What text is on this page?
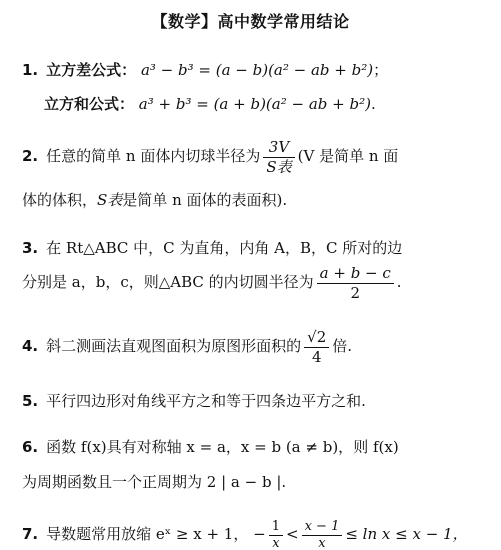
【数学】高中数学常用结论
1. 立方差公式： a³ − b³ = (a − b)(a² − ab + b²)；
立方和公式： a³ + b³ = (a + b)(a² − ab + b²).
2. 任意的简单 n 面体内切球半径为 $\frac{3V}{\text{S表}} (V$ 是简单 n 面
体的体积，S表是简单 n 面体的表面积).
3. 在 Rt△ABC 中，C 为直角，内角 A，B，C 所对的边
分别是 a，b，c，则△ABC 的内切圆半径为 $\frac{a + b - c}{2}$ .
4. 斜二测画法直观图面积为原图形面积的 $\frac{√2}{4}$ 倍.
5. 平行四边形对角线平方之和等于四条边平方之和.
6. 函数 f(x)具有对称轴 x = a，x = b (a ≠ b)，则 f(x)
为周期函数且一个正周期为 2 | a − b |.
7. 导数题常用放缩 eˣ ≥ x + 1， − $\frac{1}{x} < \frac{x - 1}{x} \le \ln x \le x - 1$，
